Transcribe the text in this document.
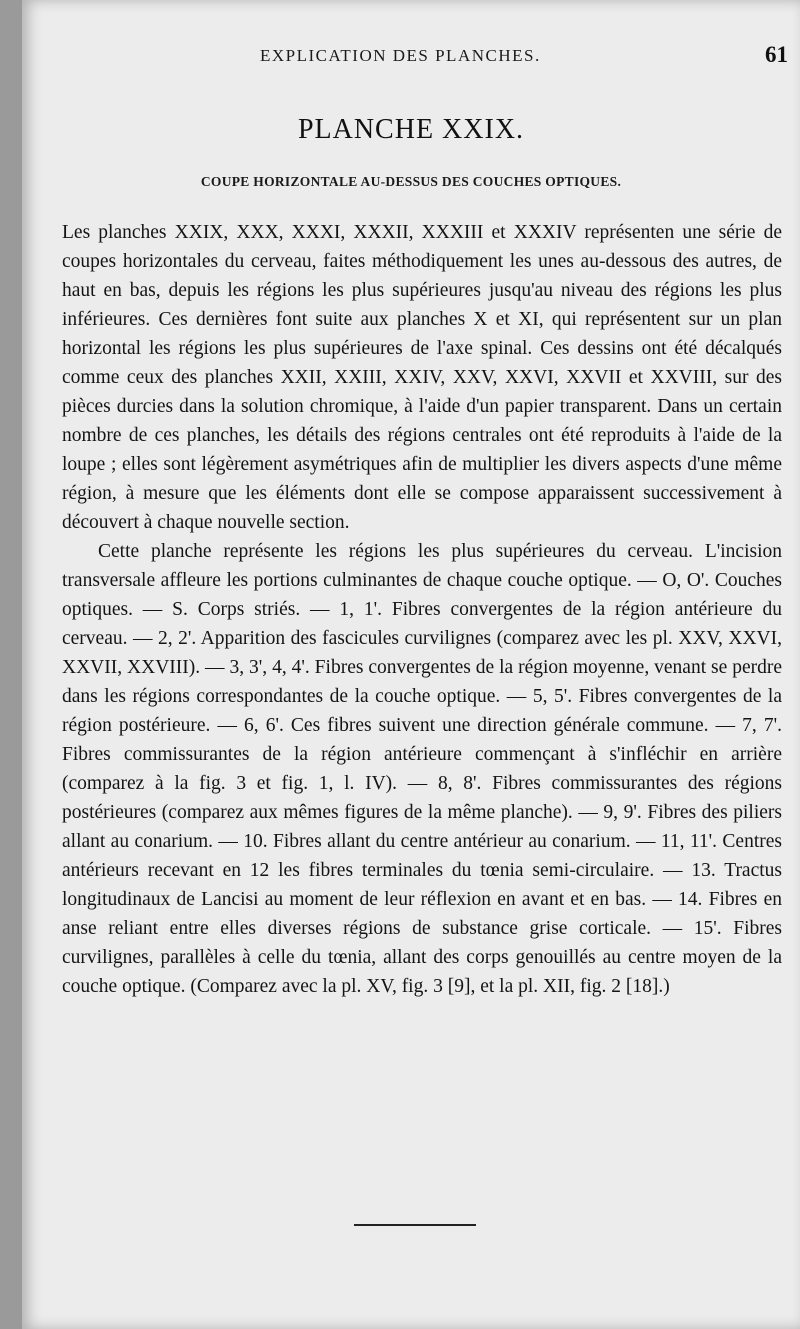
EXPLICATION DES PLANCHES.	61
PLANCHE XXIX.
COUPE HORIZONTALE AU-DESSUS DES COUCHES OPTIQUES.

Les planches XXIX, XXX, XXXI, XXXII, XXXIII et XXXIV représenten une série de coupes horizontales du cerveau, faites méthodiquement les unes au-dessous des autres, de haut en bas, depuis les régions les plus supérieures jusqu'au niveau des régions les plus inférieures. Ces dernières font suite aux planches X et XI, qui représentent sur un plan horizontal les régions les plus supérieures de l'axe spinal. Ces dessins ont été décalqués comme ceux des planches XXII, XXIII, XXIV, XXV, XXVI, XXVII et XXVIII, sur des pièces durcies dans la solution chromique, à l'aide d'un papier transparent. Dans un certain nombre de ces planches, les détails des régions centrales ont été reproduits à l'aide de la loupe ; elles sont légèrement asymétriques afin de multiplier les divers aspects d'une même région, à mesure que les éléments dont elle se compose apparaissent successivement à découvert à chaque nouvelle section.

Cette planche représente les régions les plus supérieures du cerveau. L'incision transversale affleure les portions culminantes de chaque couche optique. — O, O'. Couches optiques. — S. Corps striés. — 1, 1'. Fibres convergentes de la région antérieure du cerveau. — 2, 2'. Apparition des fascicules curvilignes (comparez avec les pl. XXV, XXVI, XXVII, XXVIII). — 3, 3', 4, 4'. Fibres convergentes de la région moyenne, venant se perdre dans les régions correspondantes de la couche optique. — 5, 5'. Fibres convergentes de la région postérieure. — 6, 6'. Ces fibres suivent une direction générale commune. — 7, 7'. Fibres commissurantes de la région antérieure commençant à s'infléchir en arrière (comparez à la fig. 3 et fig. 1, l. IV). — 8, 8'. Fibres commissurantes des régions postérieures (comparez aux mêmes figures de la même planche). — 9, 9'. Fibres des piliers allant au conarium. — 10. Fibres allant du centre antérieur au conarium. — 11, 11'. Centres antérieurs recevant en 12 les fibres terminales du tœnia semi-circulaire. — 13. Tractus longitudinaux de Lancisi au moment de leur réflexion en avant et en bas. — 14. Fibres en anse reliant entre elles diverses régions de substance grise corticale. — 15'. Fibres curvilignes, parallèles à celle du tœnia, allant des corps genouillés au centre moyen de la couche optique. (Comparez avec la pl. XV, fig. 3 [9], et la pl. XII, fig. 2 [18].)
